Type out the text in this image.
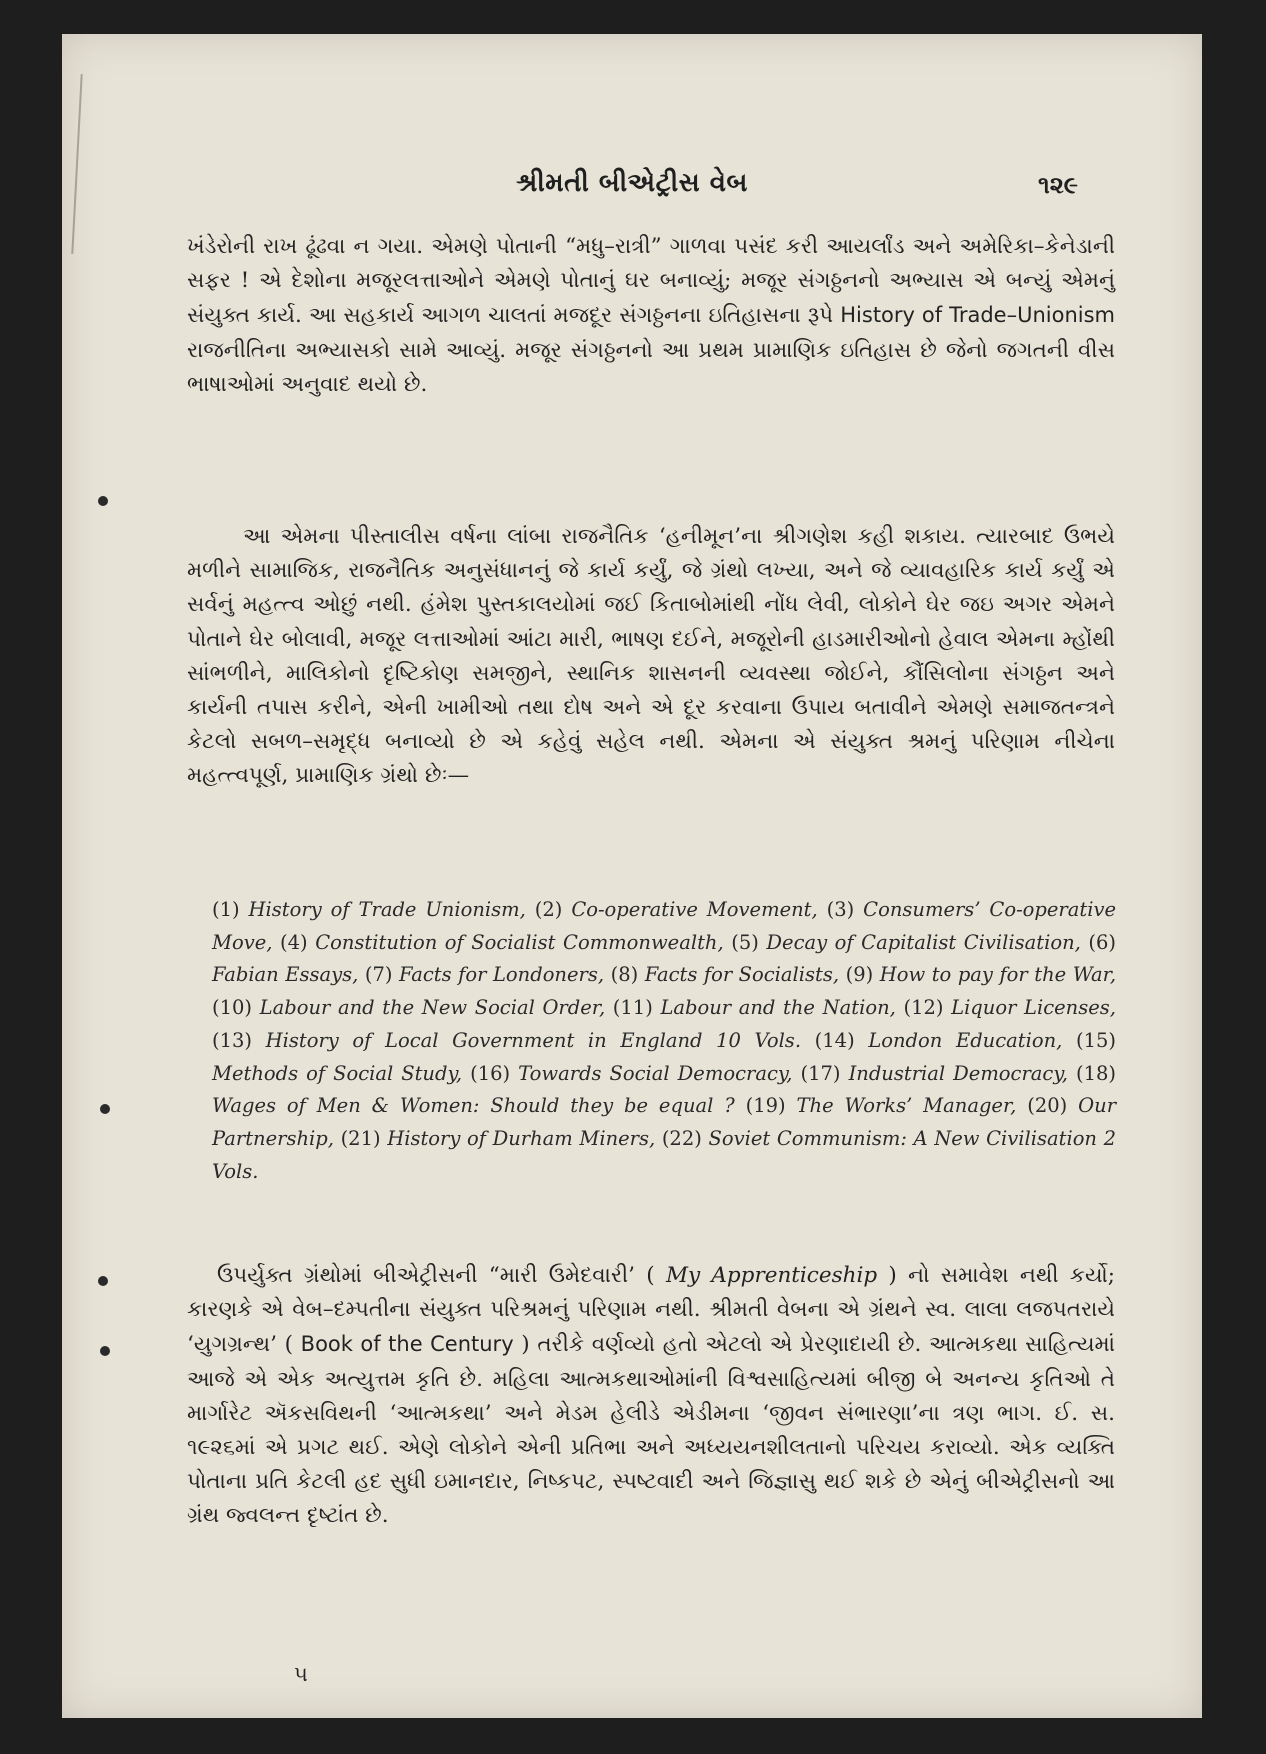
શ્રીમતી બીએટ્રીસ વેબ	૧૨૯

ખંડેરોની રાખ ઢૂંઢવા ન ગયા. એમણે પોતાની “મધુ–રાત્રી” ગાળવા પસંદ કરી આયર્લાંડ અને અમેરિકા–કેનેડાની સફર ! એ દેશોના મજૂરલત્તાઓને એમણે પોતાનું ઘર બનાવ્યું; મજૂર સંગઠ્ઠનનો અભ્યાસ એ બન્યું એમનું સંયુક્ત કાર્ય. આ સહકાર્ય આગળ ચાલતાં મજદૂર સંગઠ્ઠનના ઇતિહાસના રૂપે History of Trade–Unionism રાજનીતિના અભ્યાસકો સામે આવ્યું. મજૂર સંગઠ્ઠનનો આ પ્રથમ પ્રામાણિક ઇતિહાસ છે જેનો જગતની વીસ ભાષાઓમાં અનુવાદ થયો છે.

આ એમના પીસ્તાલીસ વર્ષના લાંબા રાજનૈતિક ‘હનીમૂન’ના શ્રીગણેશ કહી શકાય. ત્યારબાદ ઉભયે મળીને સામાજિક, રાજનૈતિક અનુસંધાનનું જે કાર્ય કર્યું, જે ગ્રંથો લખ્યા, અને જે વ્યાવહારિક કાર્ય કર્યું એ સર્વનું મહત્ત્વ ઓછું નથી. હંમેશ પુસ્તકાલયોમાં જઈ કિતાબોમાંથી નોંધ લેવી, લોકોને ઘેર જઇ અગર એમને પોતાને ઘેર બોલાવી, મજૂર લત્તાઓમાં આંટા મારી, ભાષણ દઈને, મજૂરોની હાડમારીઓનો હેવાલ એમના મ્હોંથી સાંભળીને, માલિકોનો દૃષ્ટિકોણ સમજીને, સ્થાનિક શાસનની વ્યવસ્થા જોઈને, કૌંસિલોના સંગઠ્ઠન અને કાર્યની તપાસ કરીને, એની ખામીઓ તથા દોષ અને એ દૂર કરવાના ઉપાય બતાવીને એમણે સમાજતન્ત્રને કેટલો સબળ–સમૃદ્ધ બનાવ્યો છે એ કહેવું સહેલ નથી. એમના એ સંયુક્ત શ્રમનું પરિણામ નીચેના મહત્ત્વપૂર્ણ, પ્રામાણિક ગ્રંથો છેઃ—

(1) History of Trade Unionism, (2) Co-operative Movement, (3) Consumers’ Co-operative Move, (4) Constitution of Socialist Commonwealth, (5) Decay of Capitalist Civilisation, (6) Fabian Essays, (7) Facts for Londoners, (8) Facts for Socialists, (9) How to pay for the War, (10) Labour and the New Social Order, (11) Labour and the Nation, (12) Liquor Licenses, (13) History of Local Government in England 10 Vols. (14) London Education, (15) Methods of Social Study, (16) Towards Social Democracy, (17) Industrial Democracy, (18) Wages of Men & Women: Should they be equal ? (19) The Works’ Manager, (20) Our Partnership, (21) History of Durham Miners, (22) Soviet Communism: A New Civilisation 2 Vols.

ઉપર્યુક્ત ગ્રંથોમાં બીએટ્રીસની “મારી ઉમેદવારી’ ( My Apprenticeship ) નો સમાવેશ નથી કર્યો; કારણકે એ વેબ–દમ્પતીના સંયુક્ત પરિશ્રમનું પરિણામ નથી. શ્રીમતી વેબના એ ગ્રંથને સ્વ. લાલા લજપતરાયે ‘યુગગ્રન્થ’ ( Book of the Century ) તરીકે વર્ણવ્યો હતો એટલો એ પ્રેરણાદાયી છે. આત્મકથા સાહિત્યમાં આજે એ એક અત્યુત્તમ કૃતિ છે. મહિલા આત્મકથાઓમાંની વિશ્વસાહિત્યમાં બીજી બે અનન્ય કૃતિઓ તે માર્ગારેટ ઍકસવિથની ‘આત્મકથા’ અને મેડમ હેલીડે એડીમના ‘જીવન સંભારણા’ના ત્રણ ભાગ. ઈ. સ. ૧૯૨૬માં એ પ્રગટ થઈ. એણે લોકોને એની પ્રતિભા અને અધ્યયનશીલતાનો પરિચય કરાવ્યો. એક વ્યક્તિ પોતાના પ્રતિ કેટલી હદ સુધી ઇમાનદાર, નિષ્કપટ, સ્પષ્ટવાદી અને જિજ્ઞાસુ થઈ શકે છે એનું બીએટ્રીસનો આ ગ્રંથ જ્વલન્ત દૃષ્ટાંત છે.

૫
